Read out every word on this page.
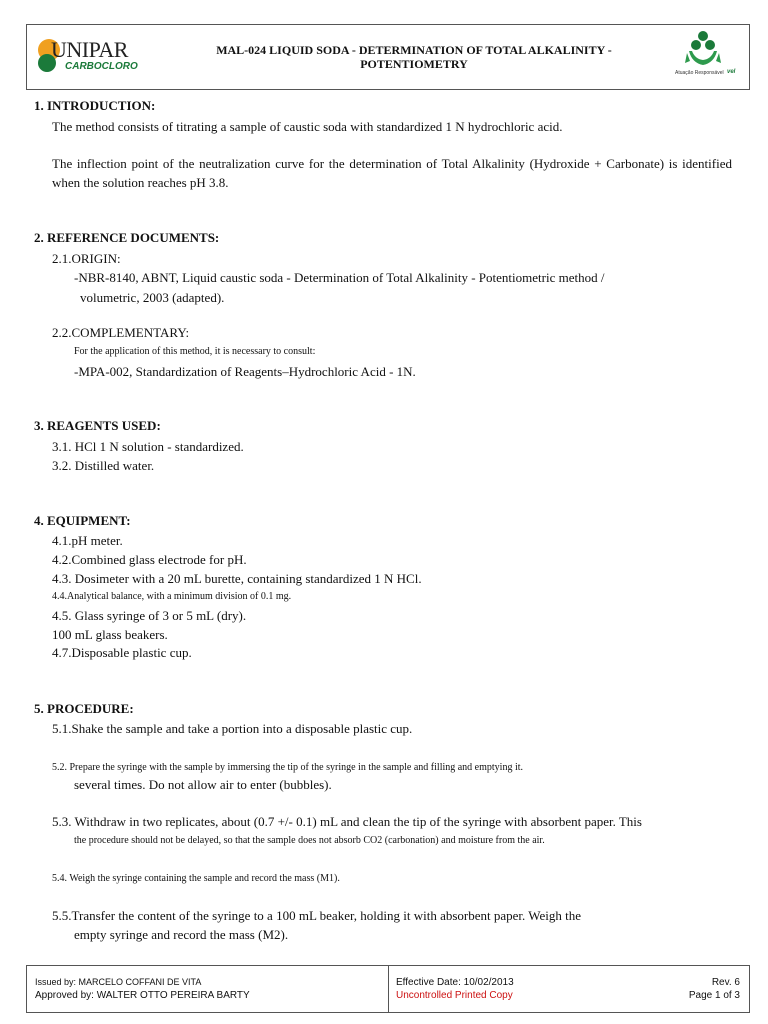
UNIPAR
CARBOCLORO
MAL-024 LIQUID SODA - DETERMINATION OF TOTAL ALKALINITY - POTENTIOMETRY
Atuação Responsável vel
1. INTRODUCTION:
The method consists of titrating a sample of caustic soda with standardized 1 N hydrochloric acid.
The inflection point of the neutralization curve for the determination of Total Alkalinity (Hydroxide + Carbonate) is identified when the solution reaches pH 3.8.
2. REFERENCE DOCUMENTS:
2.1.ORIGIN:
-NBR-8140, ABNT, Liquid caustic soda - Determination of Total Alkalinity - Potentiometric method /
volumetric, 2003 (adapted).
2.2.COMPLEMENTARY:
For the application of this method, it is necessary to consult:
-MPA-002, Standardization of Reagents–Hydrochloric Acid - 1N.
3. REAGENTS USED:
3.1. HCl 1 N solution - standardized.
3.2. Distilled water.
4. EQUIPMENT:
4.1.pH meter.
4.2.Combined glass electrode for pH.
4.3. Dosimeter with a 20 mL burette, containing standardized 1 N HCl.
4.4.Analytical balance, with a minimum division of 0.1 mg.
4.5. Glass syringe of 3 or 5 mL (dry).
100 mL glass beakers.
4.7.Disposable plastic cup.
5. PROCEDURE:
5.1.Shake the sample and take a portion into a disposable plastic cup.
5.2. Prepare the syringe with the sample by immersing the tip of the syringe in the sample and filling and emptying it.
several times. Do not allow air to enter (bubbles).
5.3. Withdraw in two replicates, about (0.7 +/- 0.1) mL and clean the tip of the syringe with absorbent paper. This
the procedure should not be delayed, so that the sample does not absorb CO2 (carbonation) and moisture from the air.
5.4. Weigh the syringe containing the sample and record the mass (M1).
5.5.Transfer the content of the syringe to a 100 mL beaker, holding it with absorbent paper. Weigh the
empty syringe and record the mass (M2).
Issued by: MARCELO COFFANI DE VITA
Approved by: WALTER OTTO PEREIRA BARTY
Effective Date: 10/02/2013
Uncontrolled Printed Copy
Rev. 6
Page 1 of 3
